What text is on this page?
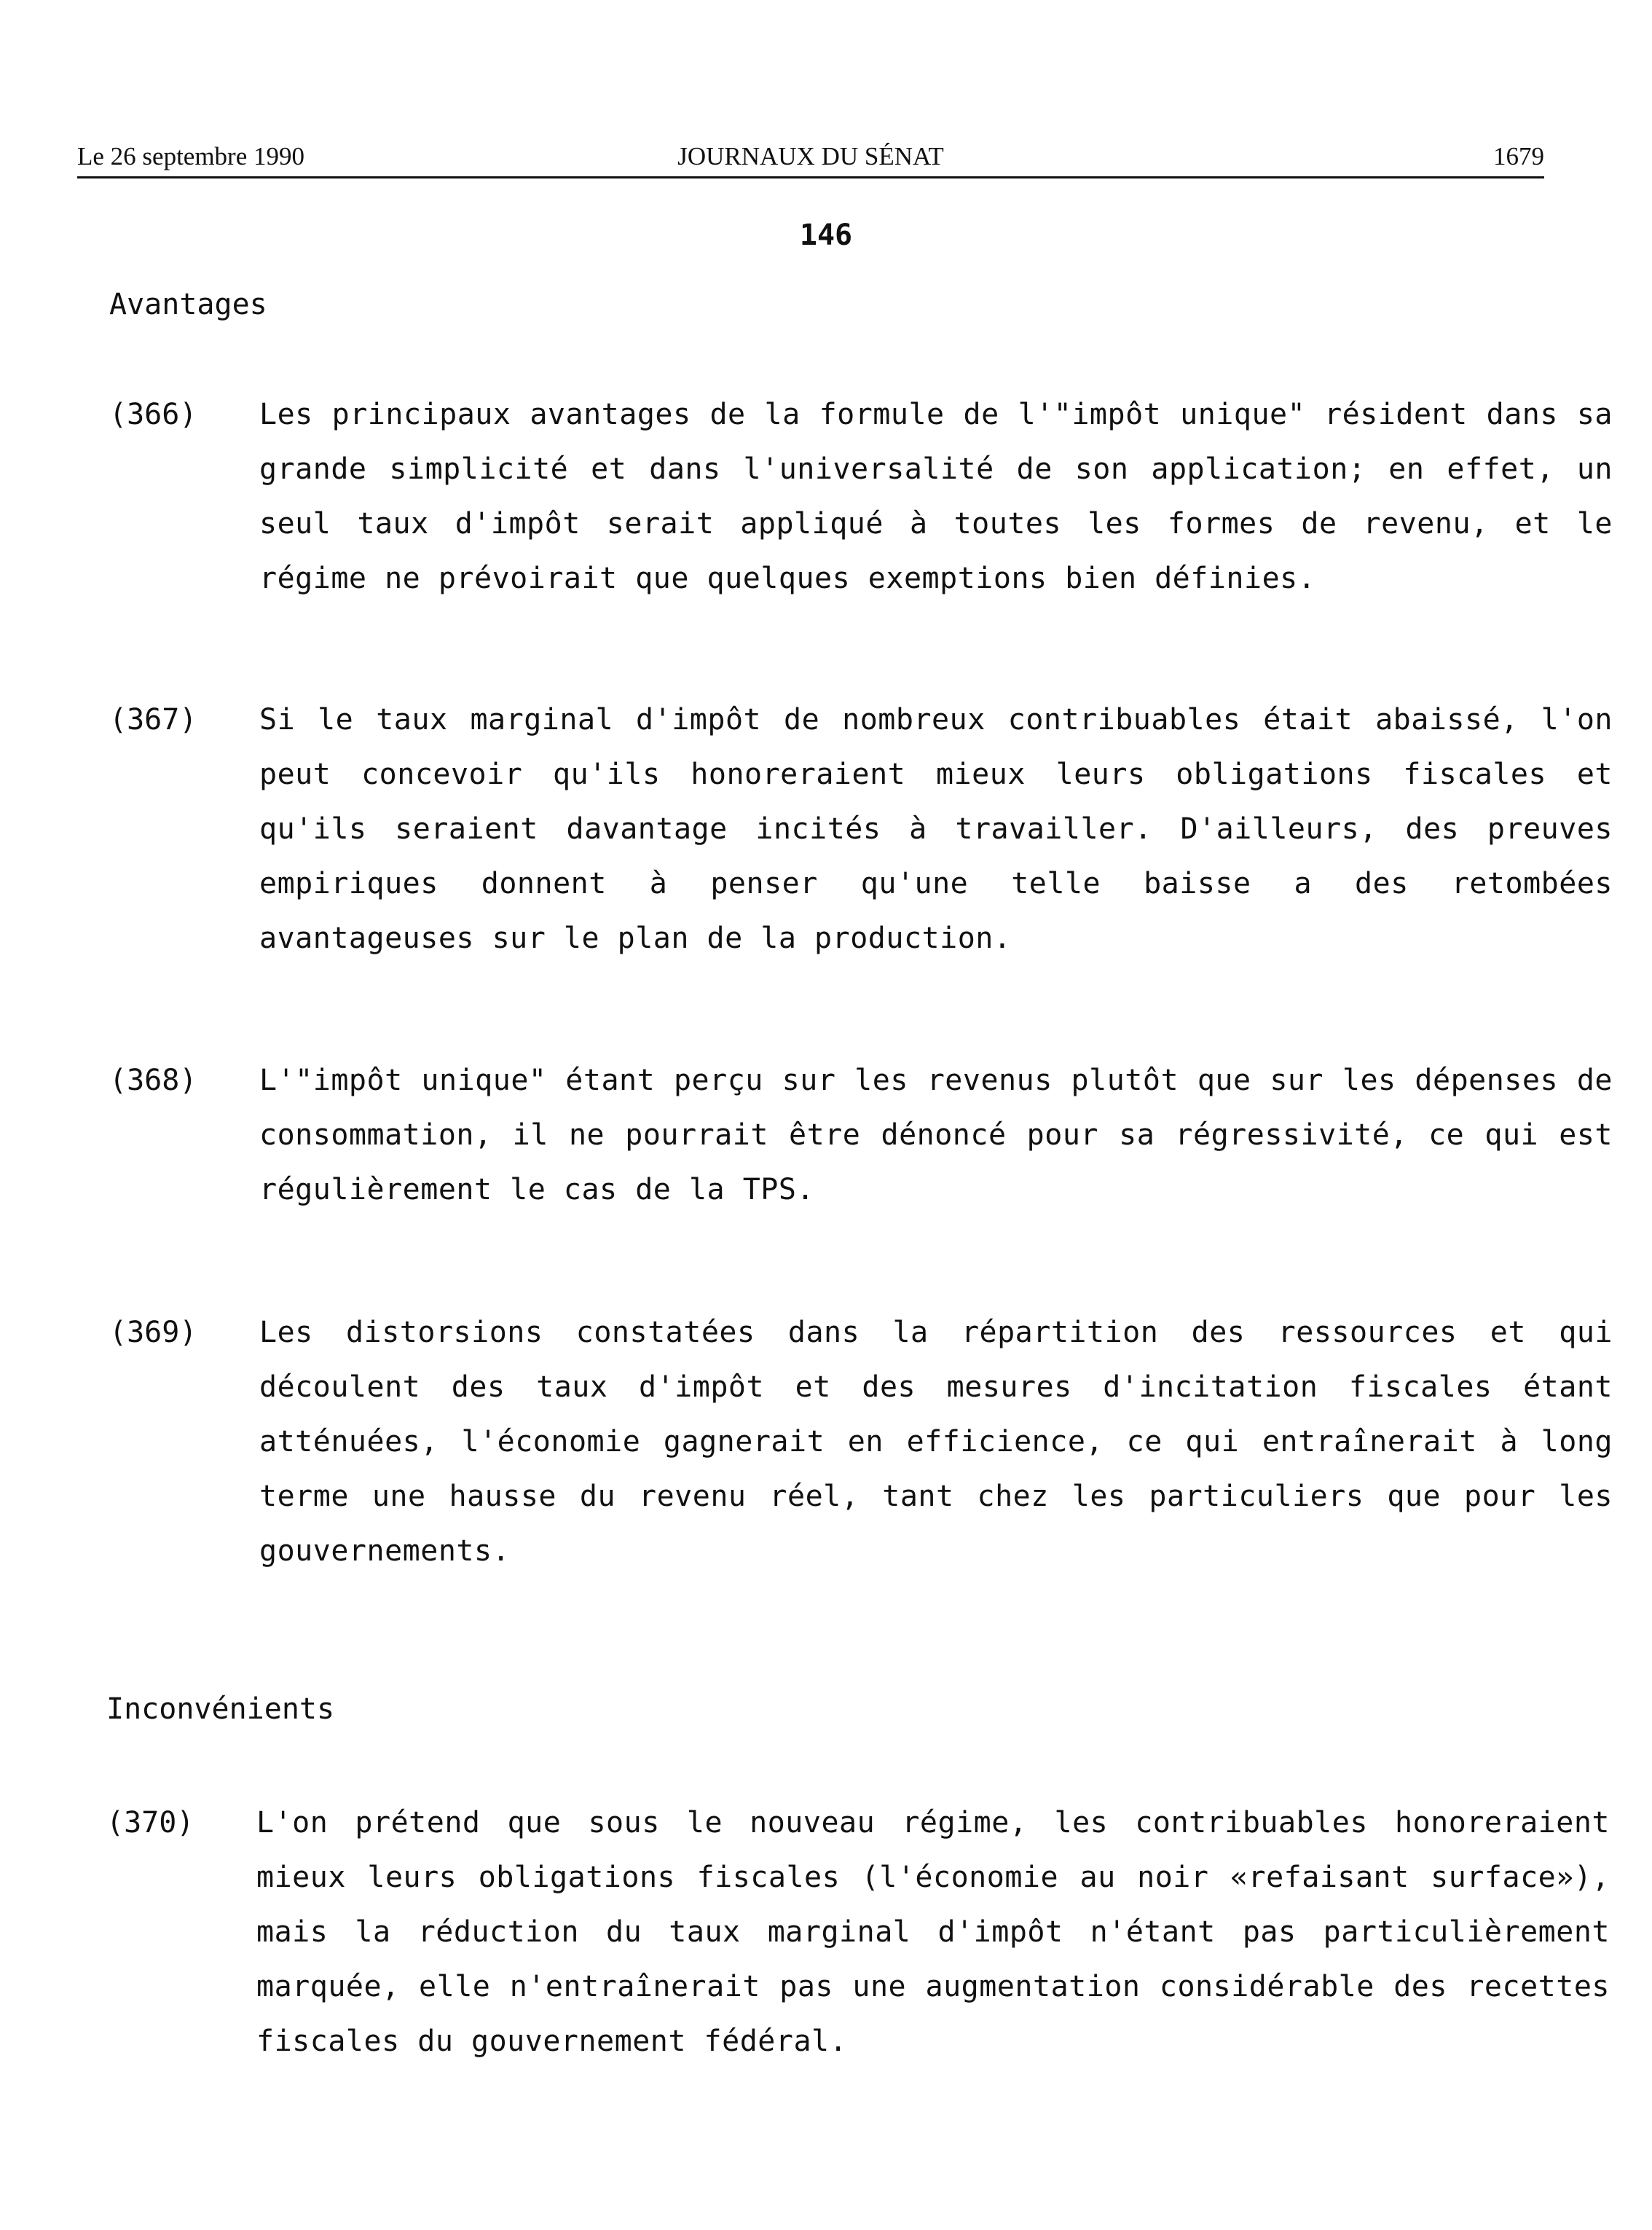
Le 26 septembre 1990	JOURNAUX DU SÉNAT	1679
146
Avantages
(366) Les principaux avantages de la formule de l'"impôt unique" résident dans sa grande simplicité et dans l'universalité de son application; en effet, un seul taux d'impôt serait appliqué à toutes les formes de revenu, et le régime ne prévoirait que quelques exemptions bien définies.
(367) Si le taux marginal d'impôt de nombreux contribuables était abaissé, l'on peut concevoir qu'ils honoreraient mieux leurs obligations fiscales et qu'ils seraient davantage incités à travailler. D'ailleurs, des preuves empiriques donnent à penser qu'une telle baisse a des retombées avantageuses sur le plan de la production.
(368) L'"impôt unique" étant perçu sur les revenus plutôt que sur les dépenses de consommation, il ne pourrait être dénoncé pour sa régressivité, ce qui est régulièrement le cas de la TPS.
(369) Les distorsions constatées dans la répartition des ressources et qui découlent des taux d'impôt et des mesures d'incitation fiscales étant atténuées, l'économie gagnerait en efficience, ce qui entraînerait à long terme une hausse du revenu réel, tant chez les particuliers que pour les gouvernements.
Inconvénients
(370) L'on prétend que sous le nouveau régime, les contribuables honoreraient mieux leurs obligations fiscales (l'économie au noir «refaisant surface»), mais la réduction du taux marginal d'impôt n'étant pas particulièrement marquée, elle n'entraînerait pas une augmentation considérable des recettes fiscales du gouvernement fédéral.
